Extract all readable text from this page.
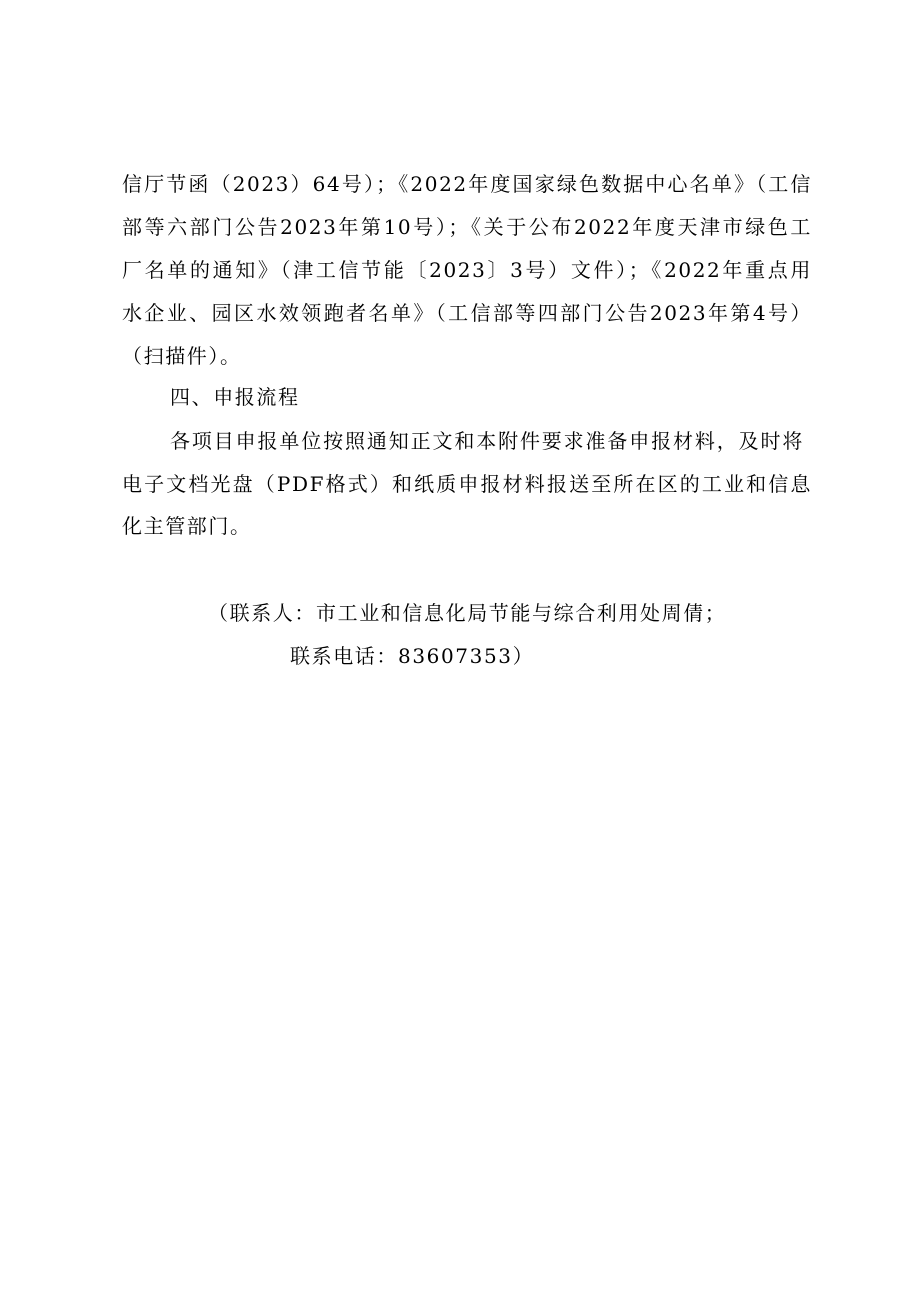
信厅节函（2023）64号）；《2022年度国家绿色数据中心名单》（工信
部等六部门公告2023年第10号）；《关于公布2022年度天津市绿色工
厂名单的通知》（津工信节能〔2023〕3号）文件）；《2022年重点用
水企业、园区水效领跑者名单》（工信部等四部门公告2023年第4号）
（扫描件）。
四、申报流程
各项目申报单位按照通知正文和本附件要求准备申报材料，及时将
电子文档光盘（PDF格式）和纸质申报材料报送至所在区的工业和信息
化主管部门。
（联系人：市工业和信息化局节能与综合利用处周倩；
联系电话：83607353）
